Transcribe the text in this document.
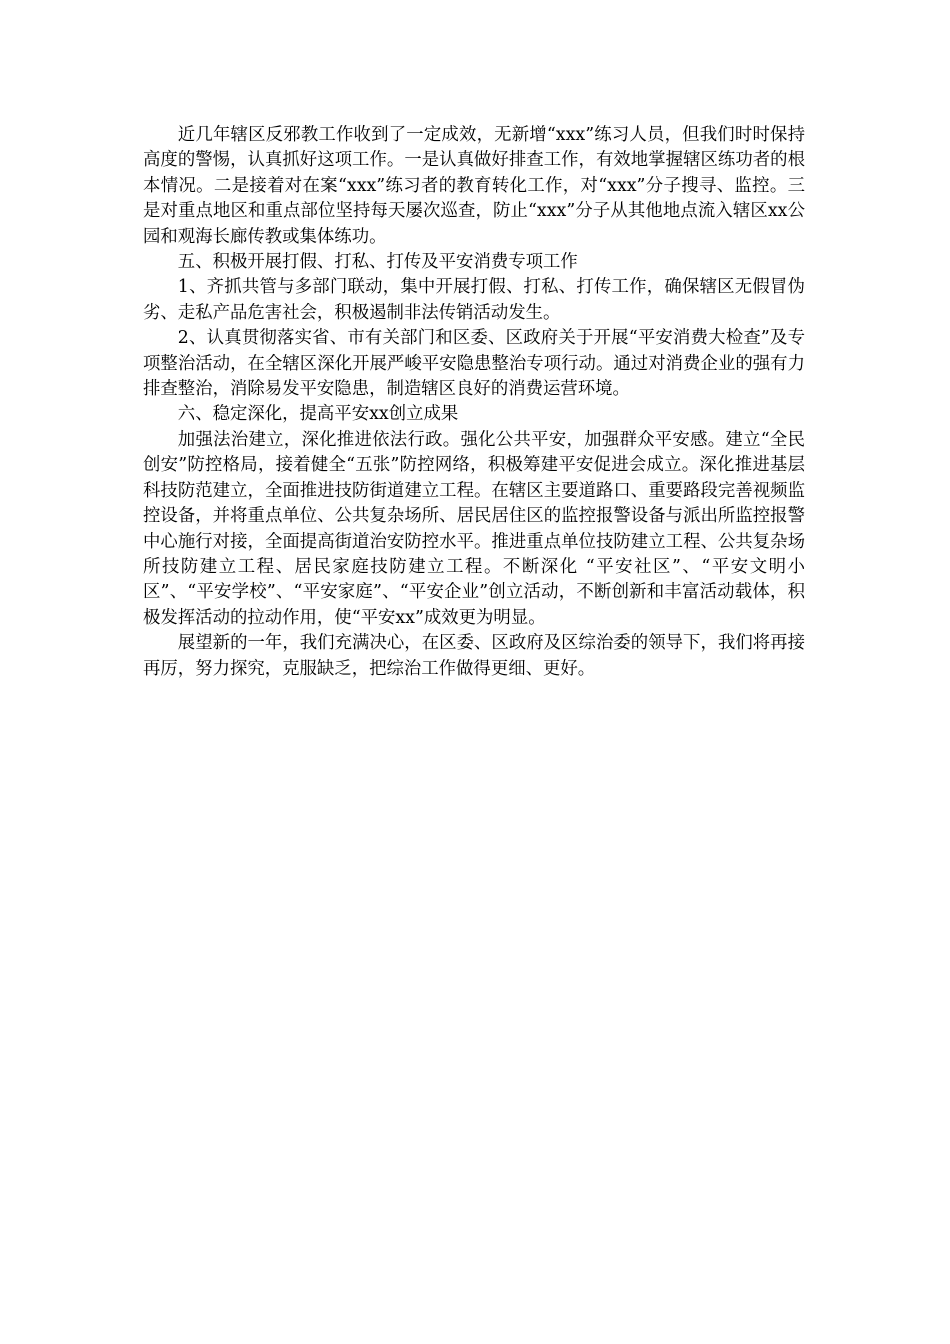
近几年辖区反邪教工作收到了一定成效，无新增“xxx”练习人员，但我们时时保持高度的警惕，认真抓好这项工作。一是认真做好排查工作，有效地掌握辖区练功者的根本情况。二是接着对在案“xxx”练习者的教育转化工作，对“xxx”分子搜寻、监控。三是对重点地区和重点部位坚持每天屡次巡查，防止“xxx”分子从其他地点流入辖区xx公园和观海长廊传教或集体练功。

五、积极开展打假、打私、打传及平安消费专项工作

1、齐抓共管与多部门联动，集中开展打假、打私、打传工作，确保辖区无假冒伪劣、走私产品危害社会，积极遏制非法传销活动发生。

2、认真贯彻落实省、市有关部门和区委、区政府关于开展“平安消费大检查”及专项整治活动，在全辖区深化开展严峻平安隐患整治专项行动。通过对消费企业的强有力排查整治，消除易发平安隐患，制造辖区良好的消费运营环境。

六、稳定深化，提高平安xx创立成果

加强法治建立，深化推进依法行政。强化公共平安，加强群众平安感。建立“全民创安”防控格局，接着健全“五张”防控网络，积极筹建平安促进会成立。深化推进基层科技防范建立，全面推进技防街道建立工程。在辖区主要道路口、重要路段完善视频监控设备，并将重点单位、公共复杂场所、居民居住区的监控报警设备与派出所监控报警中心施行对接，全面提高街道治安防控水平。推进重点单位技防建立工程、公共复杂场所技防建立工程、居民家庭技防建立工程。不断深化 “平安社区”、“平安文明小区”、“平安学校”、“平安家庭”、“平安企业”创立活动，不断创新和丰富活动载体，积极发挥活动的拉动作用，使“平安xx”成效更为明显。

展望新的一年，我们充满决心，在区委、区政府及区综治委的领导下，我们将再接再厉，努力探究，克服缺乏，把综治工作做得更细、更好。
